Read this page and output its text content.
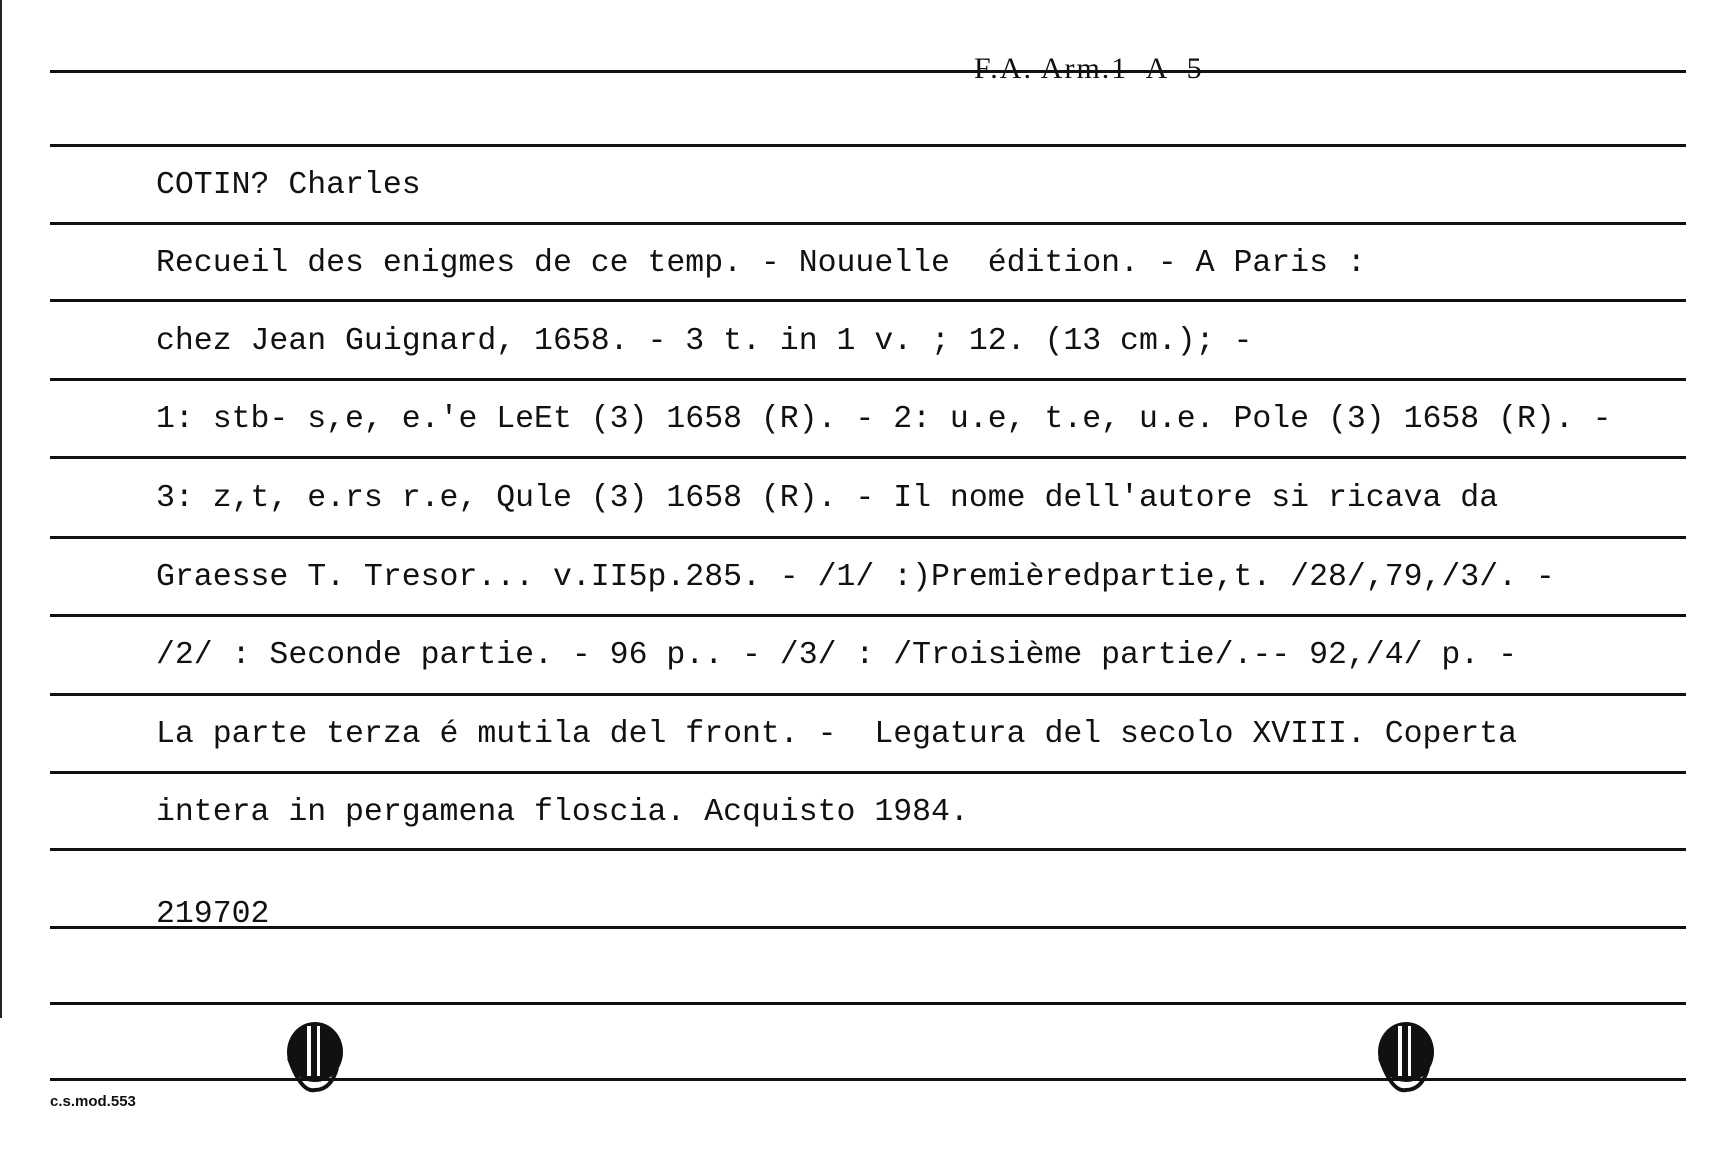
F.A. Arm.1  A  5
COTIN? Charles
Recueil des enigmes de ce temp. - Nouuelle  édition. - A Paris :
chez Jean Guignard, 1658. - 3 t. in 1 v. ; 12. (13 cm.); -
1: stb- s,e, e.'e LeEt (3) 1658 (R). - 2: u.e, t.e, u.e. Pole (3) 1658 (R). -
3: z,t, e.rs r.e, Qule (3) 1658 (R). - Il nome dell'autore si ricava da
Graesse T. Tresor... v.II5p.285. - /1/ :)Premièredpartie,t. /28/,79,/3/. -
/2/ : Seconde partie. - 96 p.. - /3/ : /Troisième partie/.-- 92,/4/ p. -
La parte terza é mutila del front. -  Legatura del secolo XVIII. Coperta
intera in pergamena floscia. Acquisto 1984.
219702
c.s.mod.553
